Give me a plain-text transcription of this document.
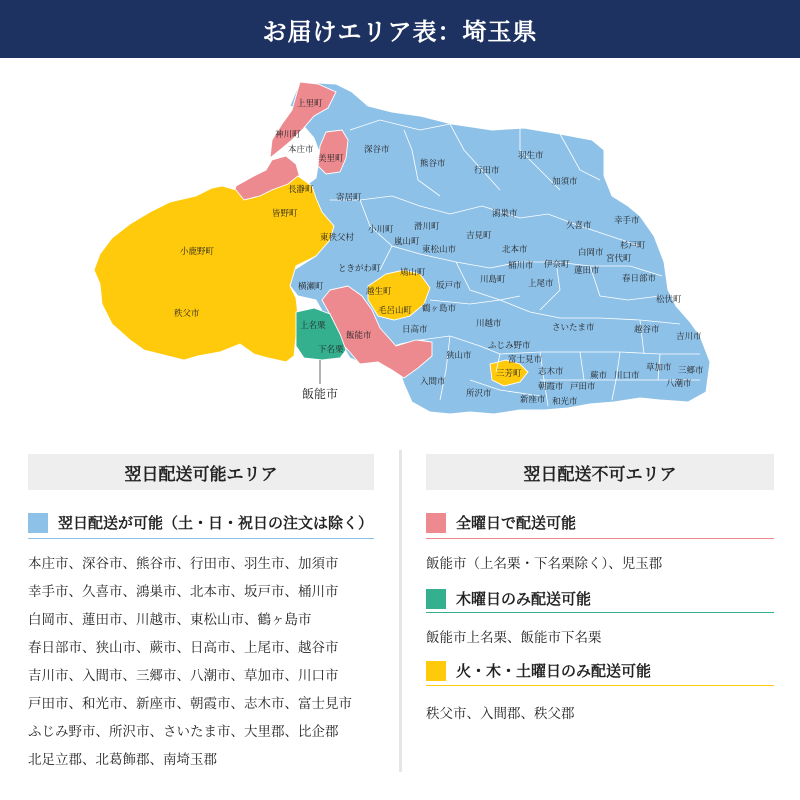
お届けエリア表：埼玉県
上里町
神川町
本庄市
美里町
深谷市
熊谷市
行田市
羽生市
加須市
長瀞町
寄居町
皆野町
東秩父村
小川町 滑川町
嵐山町
東松山市
吉見町
鴻巣市
久喜市	幸手市
杉戸町
宮代町
白岡市
蓮田市
北本市
桶川市 伊奈町
春日部市
松伏町
小鹿野町
秩父市
横瀬町
ときがわ町 鳩山町
坂戸市
川島町	上尾市
越生町
毛呂山町 鶴ヶ島市
日高市
川越市	さいたま市	越谷市
吉川市
上名栗
下名栗
飯能市
狭山市
ふじみ野市
富士見市
三芳町
入間市
所沢市
志木市
朝霞市
新座市 和光市
戸田市
蕨市 川口市
草加市
八潮市
三郷市
飯能市
翌日配送可能エリア
翌日配送が可能（土・日・祝日の注文は除く）
本庄市、深谷市、熊谷市、行田市、羽生市、加須市
幸手市、久喜市、鴻巣市、北本市、坂戸市、桶川市
白岡市、蓮田市、川越市、東松山市、鶴ヶ島市
春日部市、狭山市、蕨市、日高市、上尾市、越谷市
吉川市、入間市、三郷市、八潮市、草加市、川口市
戸田市、和光市、新座市、朝霞市、志木市、富士見市
ふじみ野市、所沢市、さいたま市、大里郡、比企郡
北足立郡、北葛飾郡、南埼玉郡
翌日配送不可エリア
全曜日で配送可能
飯能市（上名栗・下名栗除く）、児玉郡
木曜日のみ配送可能
飯能市上名栗、飯能市下名栗
火・木・土曜日のみ配送可能
秩父市、入間郡、秩父郡
